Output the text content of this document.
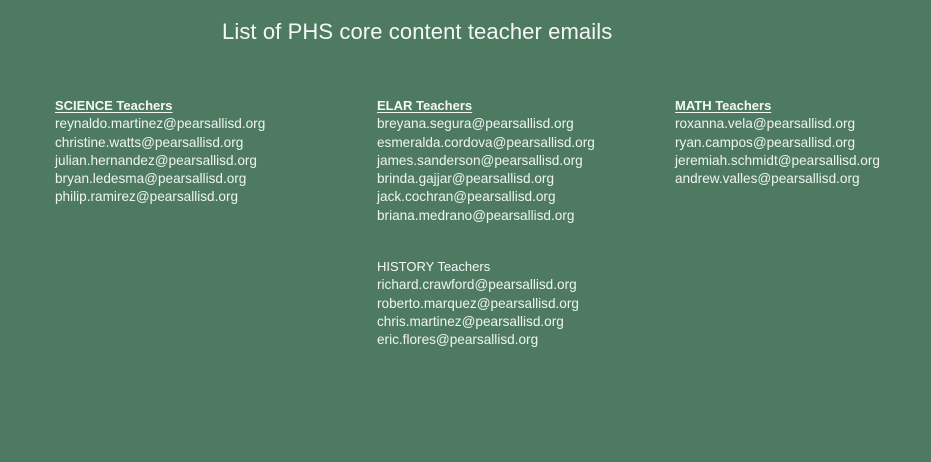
List of PHS core content teacher emails
SCIENCE Teachers
reynaldo.martinez@pearsallisd.org
christine.watts@pearsallisd.org
julian.hernandez@pearsallisd.org
bryan.ledesma@pearsallisd.org
philip.ramirez@pearsallisd.org
ELAR Teachers
breyana.segura@pearsallisd.org
esmeralda.cordova@pearsallisd.org
james.sanderson@pearsallisd.org
brinda.gajjar@pearsallisd.org
jack.cochran@pearsallisd.org
briana.medrano@pearsallisd.org
MATH Teachers
roxanna.vela@pearsallisd.org
ryan.campos@pearsallisd.org
jeremiah.schmidt@pearsallisd.org
andrew.valles@pearsallisd.org
HISTORY Teachers
richard.crawford@pearsallisd.org
roberto.marquez@pearsallisd.org
chris.martinez@pearsallisd.org
eric.flores@pearsallisd.org
